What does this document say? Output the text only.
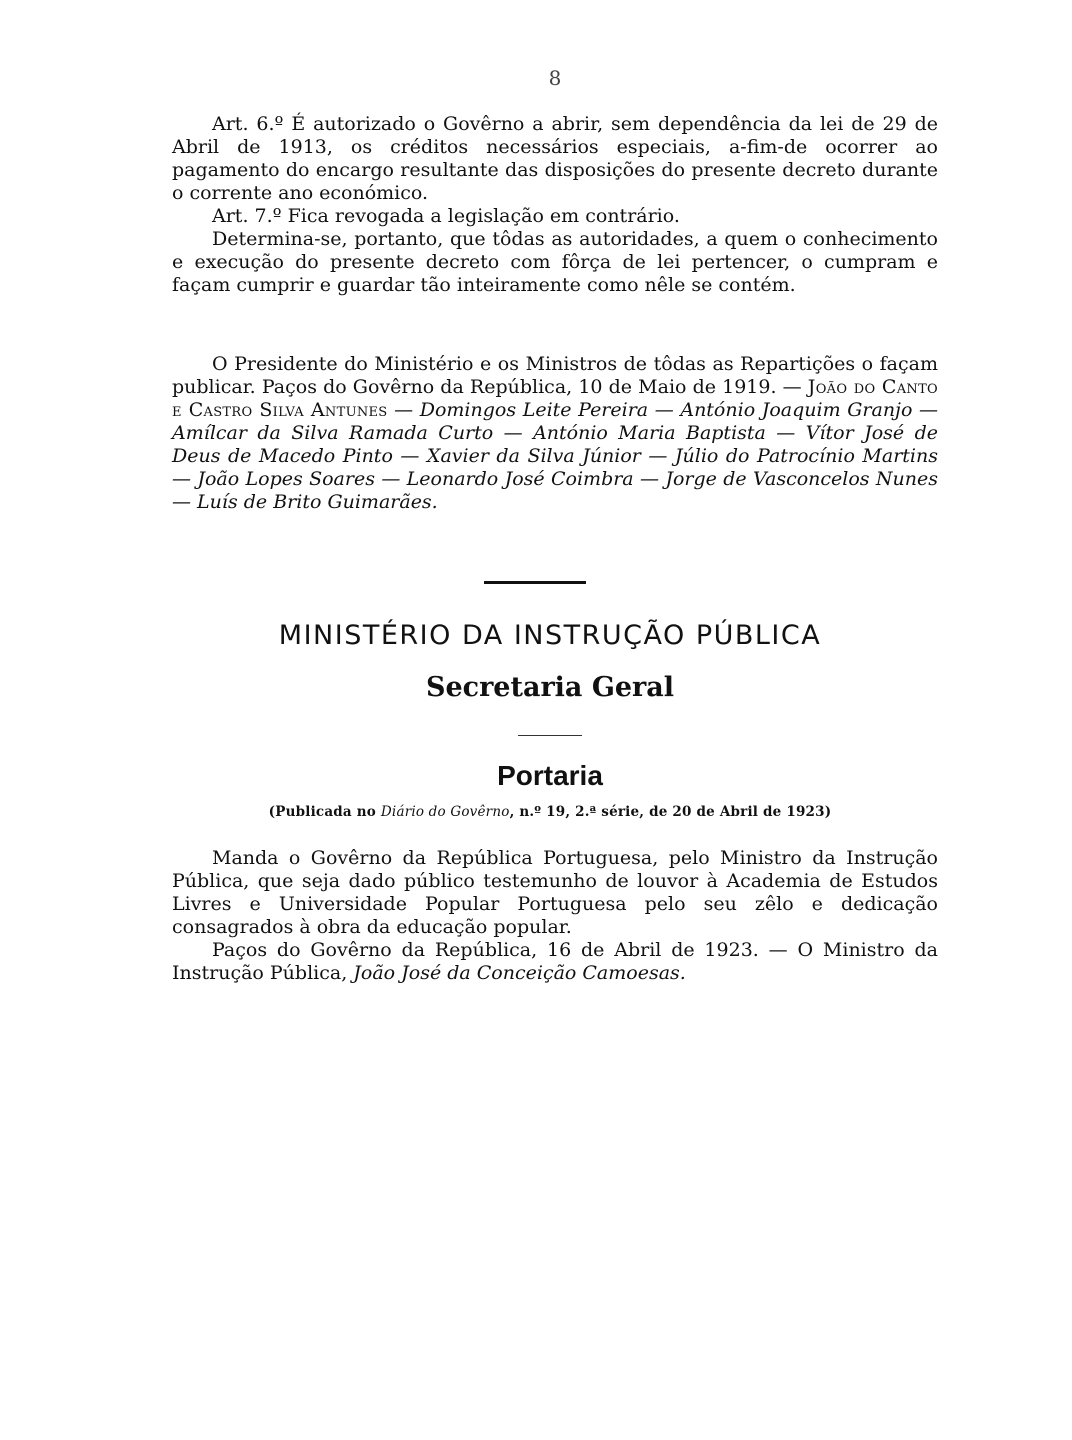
8

Art. 6.º É autorizado o Govêrno a abrir, sem dependência da lei de 29 de Abril de 1913, os créditos necessários especiais, a-fim-de ocorrer ao pagamento do encargo resultante das disposições do presente decreto durante o corrente ano económico.

Art. 7.º Fica revogada a legislação em contrário.

Determina-se, portanto, que tôdas as autoridades, a quem o conhecimento e execução do presente decreto com fôrça de lei pertencer, o cumpram e façam cumprir e guardar tão inteiramente como nêle se contém.

O Presidente do Ministério e os Ministros de tôdas as Repartições o façam publicar. Paços do Govêrno da República, 10 de Maio de 1919. — João do Canto e Castro Silva Antunes — Domingos Leite Pereira — António Joaquim Granjo — Amílcar da Silva Ramada Curto — António Maria Baptista — Vítor José de Deus de Macedo Pinto — Xavier da Silva Júnior — Júlio do Patrocínio Martins — João Lopes Soares — Leonardo José Coimbra — Jorge de Vasconcelos Nunes — Luís de Brito Guimarães.

MINISTÉRIO DA INSTRUÇÃO PÚBLICA
Secretaria Geral
Portaria
(Publicada no Diário do Govêrno, n.º 19, 2.ª série, de 20 de Abril de 1923)

Manda o Govêrno da República Portuguesa, pelo Ministro da Instrução Pública, que seja dado público testemunho de louvor à Academia de Estudos Livres e Universidade Popular Portuguesa pelo seu zêlo e dedicação consagrados à obra da educação popular.

Paços do Govêrno da República, 16 de Abril de 1923. — O Ministro da Instrução Pública, João José da Conceição Camoesas.
